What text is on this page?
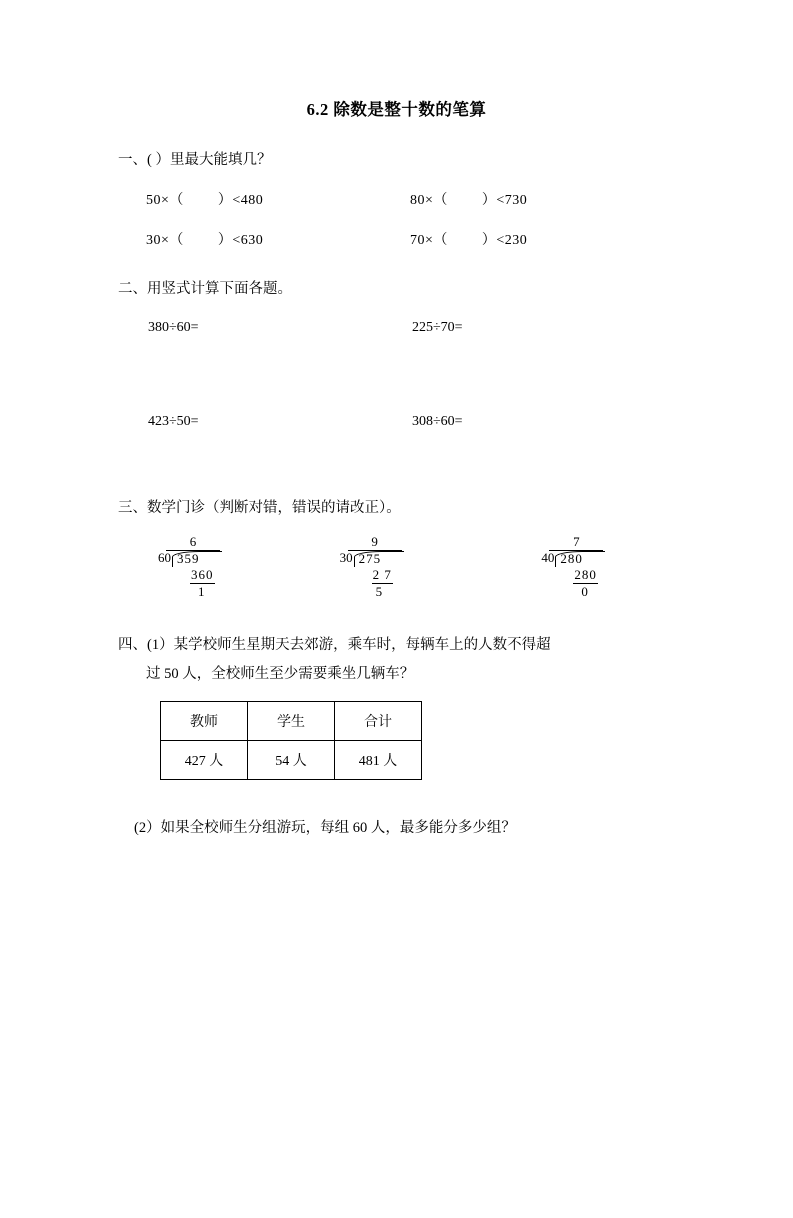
6.2 除数是整十数的笔算
一、( ）里最大能填几？
50×（ ）<480	80×（ ）<730
30×（ ）<630	70×（ ）<230
二、用竖式计算下面各题。
380÷60=	225÷70=
423÷50=	308÷60=
三、数学门诊（判断对错，错误的请改正）。
6
60 359
360
1
9
30 275
2 7
5
7
40 280
280
0
四、(1）某学校师生星期天去郊游，乘车时，每辆车上的人数不得超
过 50 人，全校师生至少需要乘坐几辆车？
教师	学生	合计
427 人	54 人	481 人
(2）如果全校师生分组游玩，每组 60 人，最多能分多少组？
